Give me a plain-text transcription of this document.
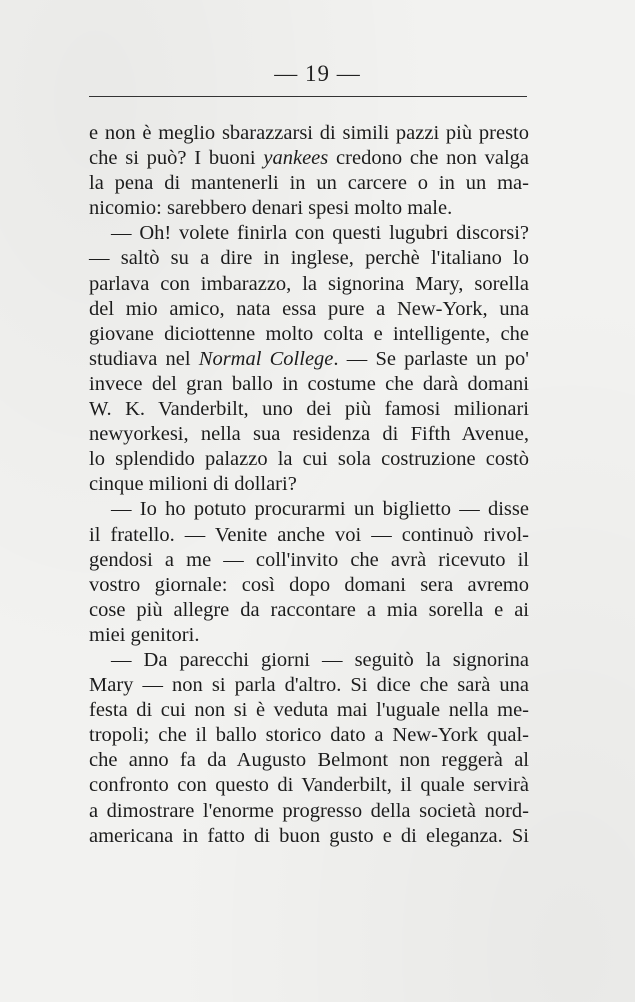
— 19 —
e non è meglio sbarazzarsi di simili pazzi più presto
che si può? I buoni yankees credono che non valga
la pena di mantenerli in un carcere o in un ma-
nicomio: sarebbero denari spesi molto male.
— Oh! volete finirla con questi lugubri discorsi?
— saltò su a dire in inglese, perchè l'italiano lo
parlava con imbarazzo, la signorina Mary, sorella
del mio amico, nata essa pure a New-York, una
giovane diciottenne molto colta e intelligente, che
studiava nel Normal College. — Se parlaste un po'
invece del gran ballo in costume che darà domani
W. K. Vanderbilt, uno dei più famosi milionari
newyorkesi, nella sua residenza di Fifth Avenue,
lo splendido palazzo la cui sola costruzione costò
cinque milioni di dollari?
— Io ho potuto procurarmi un biglietto — disse
il fratello. — Venite anche voi — continuò rivol-
gendosi a me — coll'invito che avrà ricevuto il
vostro giornale: così dopo domani sera avremo
cose più allegre da raccontare a mia sorella e ai
miei genitori.
— Da parecchi giorni — seguitò la signorina
Mary — non si parla d'altro. Si dice che sarà una
festa di cui non si è veduta mai l'uguale nella me-
tropoli; che il ballo storico dato a New-York qual-
che anno fa da Augusto Belmont non reggerà al
confronto con questo di Vanderbilt, il quale servirà
a dimostrare l'enorme progresso della società nord-
americana in fatto di buon gusto e di eleganza. Si
